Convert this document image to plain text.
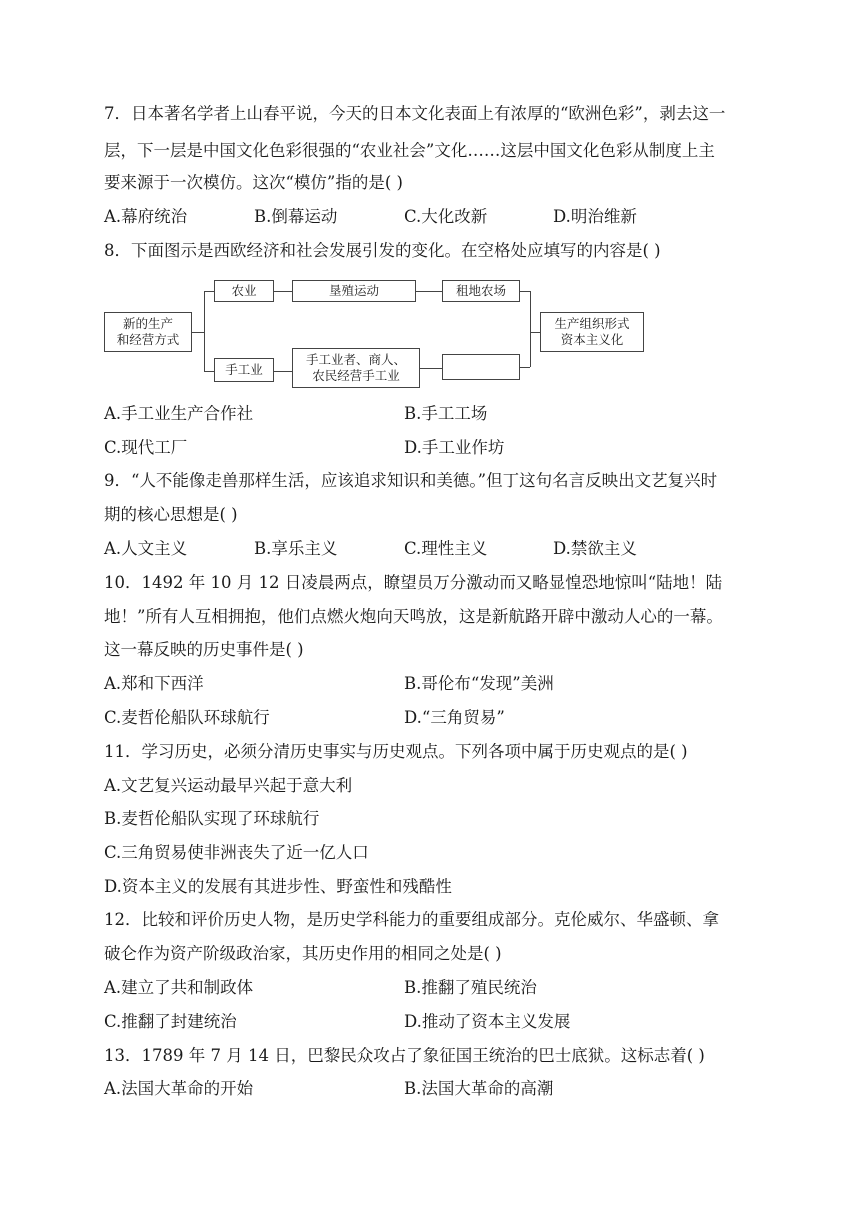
7．日本著名学者上山春平说，今天的日本文化表面上有浓厚的“欧洲色彩”，剥去这一
层，下一层是中国文化色彩很强的“农业社会”文化……这层中国文化色彩从制度上主
要来源于一次模仿。这次“模仿”指的是( )
A.幕府统治	B.倒幕运动	C.大化改新	D.明治维新
8．下面图示是西欧经济和社会发展引发的变化。在空格处应填写的内容是( )
新的生产
和经营方式
农业	垦殖运动	租地农场
手工业
手工业者、商人、
农民经营手工业
生产组织形式
资本主义化
A.手工业生产合作社	B.手工工场
C.现代工厂	D.手工业作坊
9．“人不能像走兽那样生活，应该追求知识和美德。”但丁这句名言反映出文艺复兴时
期的核心思想是( )
A.人文主义	B.享乐主义	C.理性主义	D.禁欲主义
10．1492 年 10 月 12 日凌晨两点，瞭望员万分激动而又略显惶恐地惊叫“陆地！陆
地！”所有人互相拥抱，他们点燃火炮向天鸣放，这是新航路开辟中激动人心的一幕。
这一幕反映的历史事件是( )
A.郑和下西洋	B.哥伦布“发现”美洲
C.麦哲伦船队环球航行	D.“三角贸易”
11．学习历史，必须分清历史事实与历史观点。下列各项中属于历史观点的是( )
A.文艺复兴运动最早兴起于意大利
B.麦哲伦船队实现了环球航行
C.三角贸易使非洲丧失了近一亿人口
D.资本主义的发展有其进步性、野蛮性和残酷性
12．比较和评价历史人物，是历史学科能力的重要组成部分。克伦威尔、华盛顿、拿
破仑作为资产阶级政治家，其历史作用的相同之处是( )
A.建立了共和制政体	B.推翻了殖民统治
C.推翻了封建统治	D.推动了资本主义发展
13．1789 年 7 月 14 日，巴黎民众攻占了象征国王统治的巴士底狱。这标志着( )
A.法国大革命的开始	B.法国大革命的高潮
